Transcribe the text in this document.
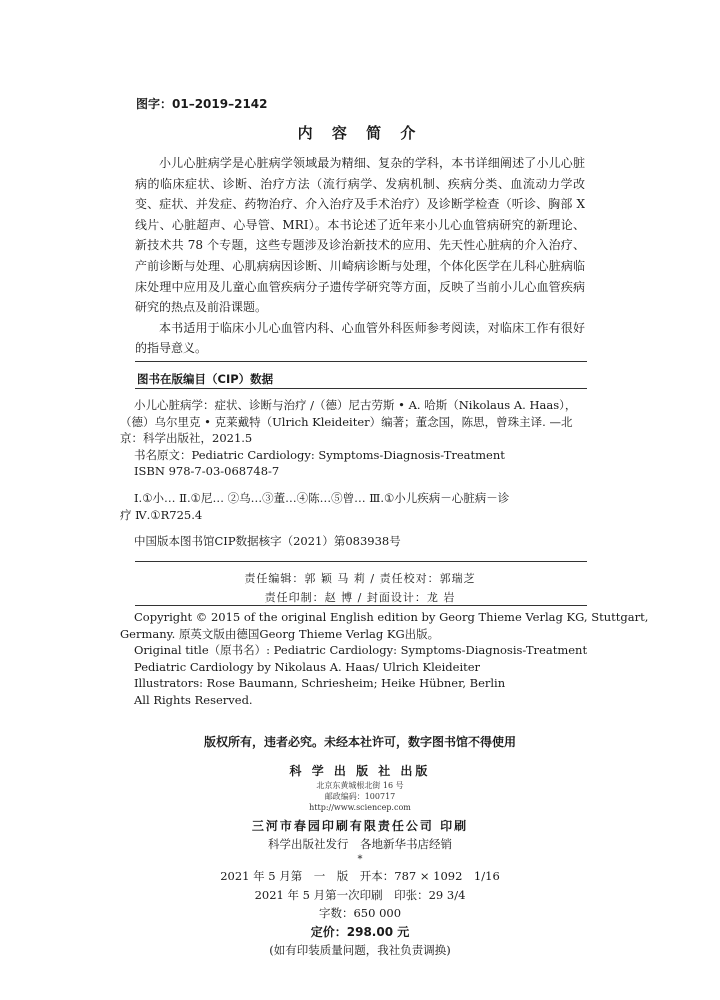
图字：01–2019–2142
内 容 简 介

小儿心脏病学是心脏病学领域最为精细、复杂的学科，本书详细阐述了小儿心脏病的临床症状、诊断、治疗方法（流行病学、发病机制、疾病分类、血流动力学改变、症状、并发症、药物治疗、介入治疗及手术治疗）及诊断学检查（听诊、胸部 X 线片、心脏超声、心导管、MRI）。本书论述了近年来小儿心血管病研究的新理论、新技术共 78 个专题，这些专题涉及诊治新技术的应用、先天性心脏病的介入治疗、产前诊断与处理、心肌病病因诊断、川崎病诊断与处理，个体化医学在儿科心脏病临床处理中应用及儿童心血管疾病分子遗传学研究等方面，反映了当前小儿心血管疾病研究的热点及前沿课题。

本书适用于临床小儿心血管内科、心血管外科医师参考阅读，对临床工作有很好的指导意义。

图书在版编目（CIP）数据
小儿心脏病学：症状、诊断与治疗 /（德）尼古劳斯 • A. 哈斯（Nikolaus A. Haas），
（德）乌尔里克 • 克莱戴特（Ulrich Kleideiter）编著；董念国，陈思，曾珠主译. —北
京：科学出版社，2021.5
书名原文：Pediatric Cardiology: Symptoms-Diagnosis-Treatment
ISBN 978-7-03-068748-7
Ⅰ.①小… Ⅱ.①尼… ②乌…③董…④陈…⑤曾… Ⅲ.①小儿疾病－心脏病－诊
疗 Ⅳ.①R725.4
中国版本图书馆CIP数据核字（2021）第083938号
责任编辑：郭 颖 马 莉 / 责任校对：郭瑞芝
责任印制：赵 博 / 封面设计：龙 岩
Copyright © 2015 of the original English edition by Georg Thieme Verlag KG, Stuttgart,
Germany. 原英文版由德国Georg Thieme Verlag KG出版。
Original title（原书名）: Pediatric Cardiology: Symptoms-Diagnosis-Treatment
Pediatric Cardiology by Nikolaus A. Haas/ Ulrich Kleideiter
Illustrators: Rose Baumann, Schriesheim; Heike Hübner, Berlin
All Rights Reserved.
版权所有，违者必究。未经本社许可，数字图书馆不得使用
科 学 出 版 社 出版
北京东黄城根北街 16 号
邮政编码：100717
http://www.sciencep.com
三河市春园印刷有限责任公司 印刷
科学出版社发行　各地新华书店经销
*
2021 年 5 月第　一　版　开本：787 × 1092　1/16
2021 年 5 月第一次印刷　印张：29 3/4
字数：650 000
定价：298.00 元
(如有印装质量问题，我社负责调换)
